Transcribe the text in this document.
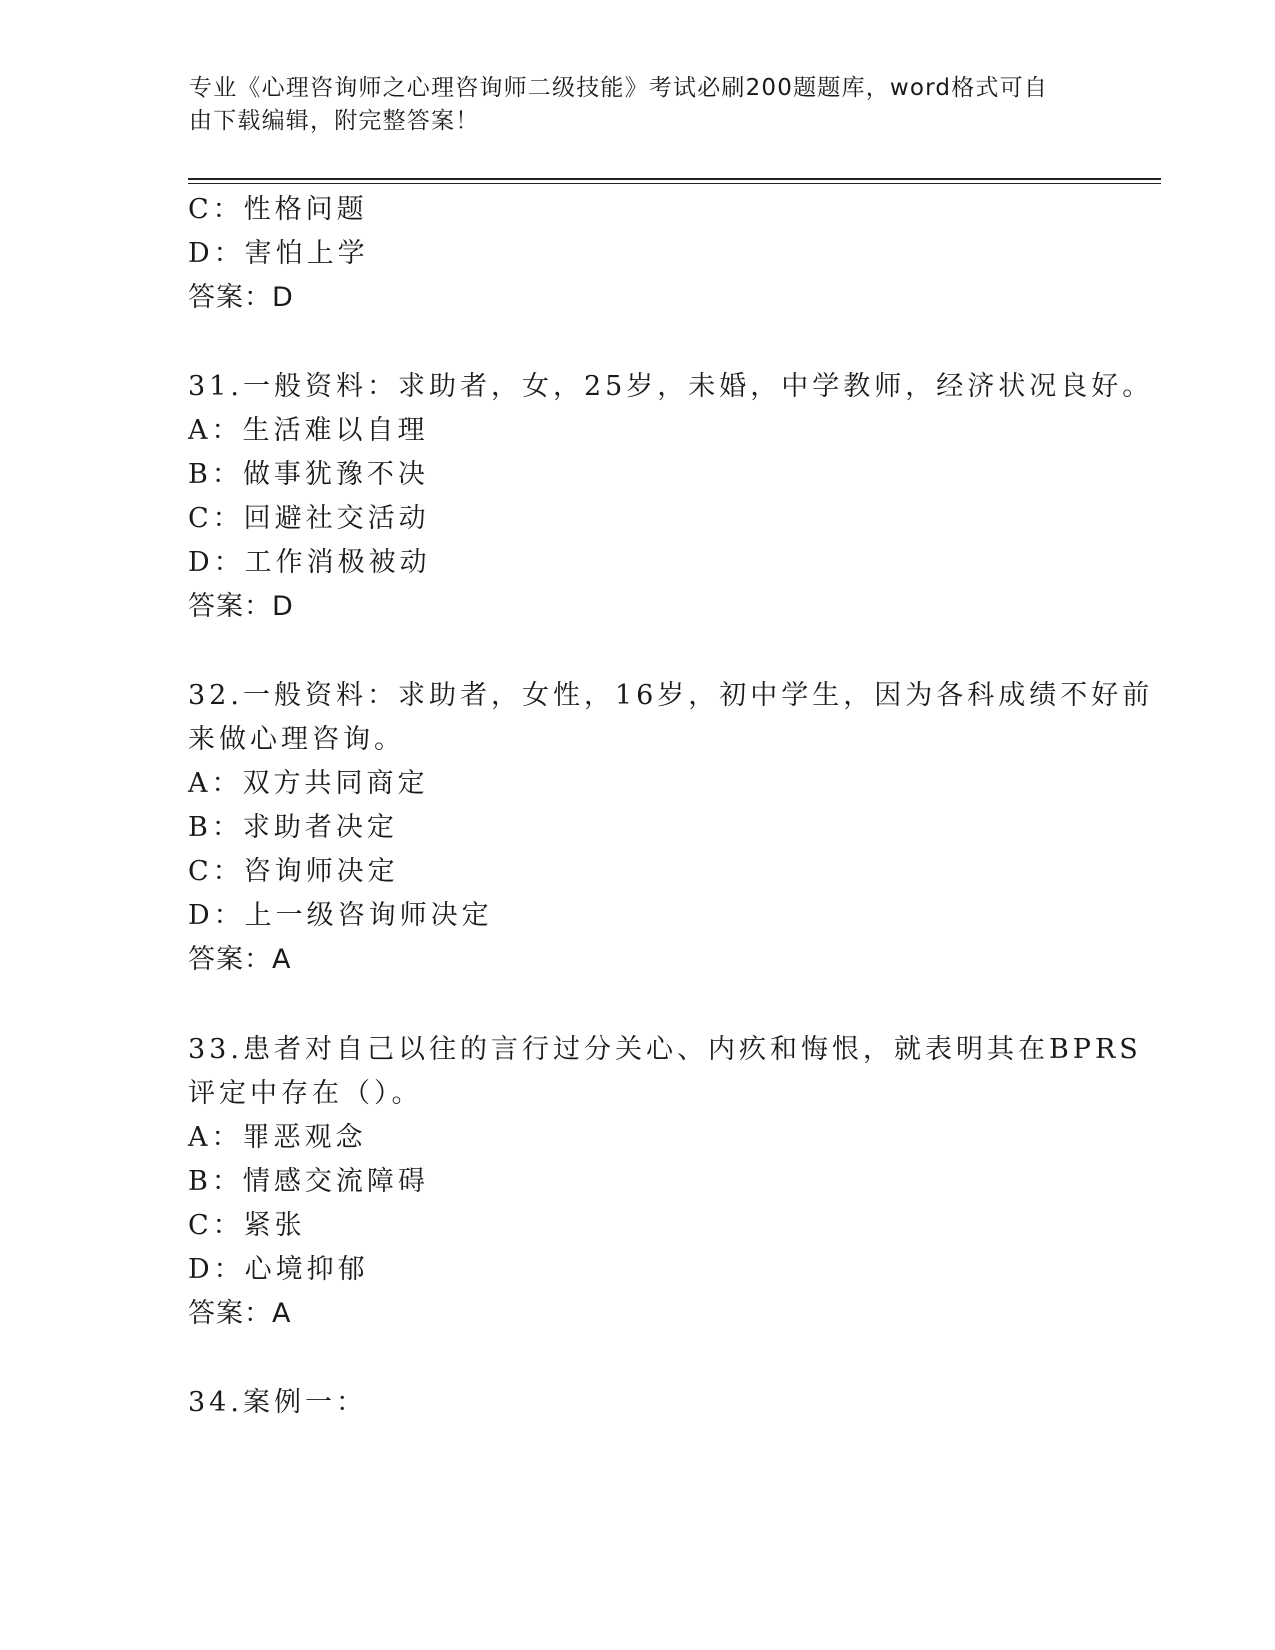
专业《心理咨询师之心理咨询师二级技能》考试必刷200题题库，word格式可自
由下载编辑，附完整答案！
C：性格问题
D：害怕上学
答案：D
31.一般资料：求助者，女，25岁，未婚，中学教师，经济状况良好。
A：生活难以自理
B：做事犹豫不决
C：回避社交活动
D：工作消极被动
答案：D
32.一般资料：求助者，女性，16岁，初中学生，因为各科成绩不好前
来做心理咨询。
A：双方共同商定
B：求助者决定
C：咨询师决定
D：上一级咨询师决定
答案：A
33.患者对自己以往的言行过分关心、内疚和悔恨，就表明其在BPRS
评定中存在（）。
A：罪恶观念
B：情感交流障碍
C：紧张
D：心境抑郁
答案：A
34.案例一：
